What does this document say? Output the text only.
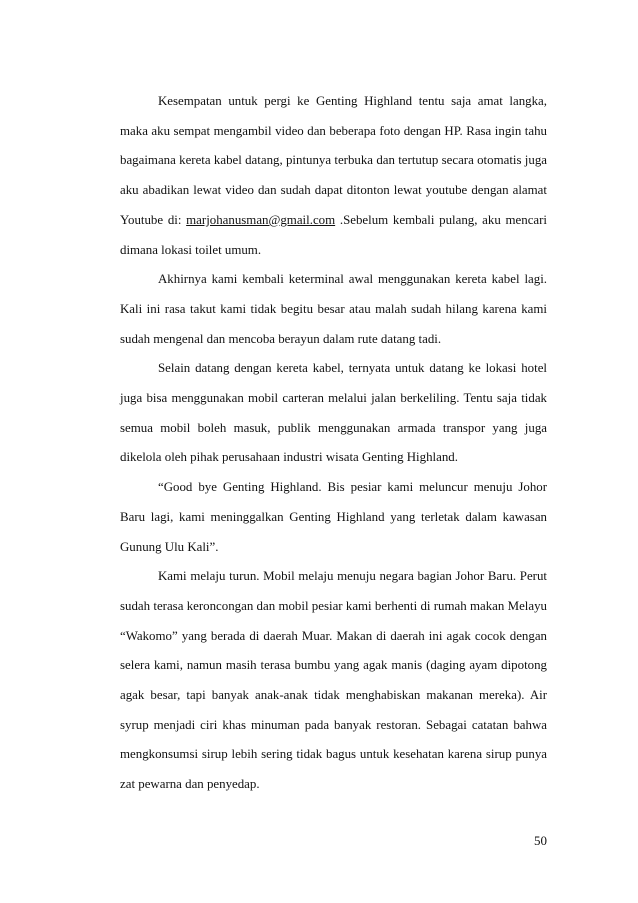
Kesempatan untuk pergi ke Genting Highland tentu saja amat langka, maka aku sempat mengambil video dan beberapa foto dengan HP. Rasa ingin tahu bagaimana kereta kabel datang, pintunya terbuka dan tertutup secara otomatis juga aku abadikan lewat video dan sudah dapat ditonton lewat youtube dengan alamat Youtube di: marjohanusman@gmail.com .Sebelum kembali pulang, aku mencari dimana lokasi toilet umum.

Akhirnya kami kembali keterminal awal menggunakan kereta kabel lagi. Kali ini rasa takut kami tidak begitu besar atau malah sudah hilang karena kami sudah mengenal dan mencoba berayun dalam rute datang tadi.

Selain datang dengan kereta kabel, ternyata untuk datang ke lokasi hotel juga bisa menggunakan mobil carteran melalui jalan berkeliling. Tentu saja tidak semua mobil boleh masuk, publik menggunakan armada transpor yang juga dikelola oleh pihak perusahaan industri wisata Genting Highland.

“Good bye Genting Highland. Bis pesiar kami meluncur menuju Johor Baru lagi, kami meninggalkan Genting Highland yang terletak dalam kawasan Gunung Ulu Kali”.

Kami melaju turun. Mobil melaju menuju negara bagian Johor Baru. Perut sudah terasa keroncongan dan mobil pesiar kami berhenti di rumah makan Melayu “Wakomo” yang berada di daerah Muar. Makan di daerah ini agak cocok dengan selera kami, namun masih terasa bumbu yang agak manis (daging ayam dipotong agak besar, tapi banyak anak-anak tidak menghabiskan makanan mereka). Air syrup menjadi ciri khas minuman pada banyak restoran. Sebagai catatan bahwa mengkonsumsi sirup lebih sering tidak bagus untuk kesehatan karena sirup punya zat pewarna dan penyedap.

50
